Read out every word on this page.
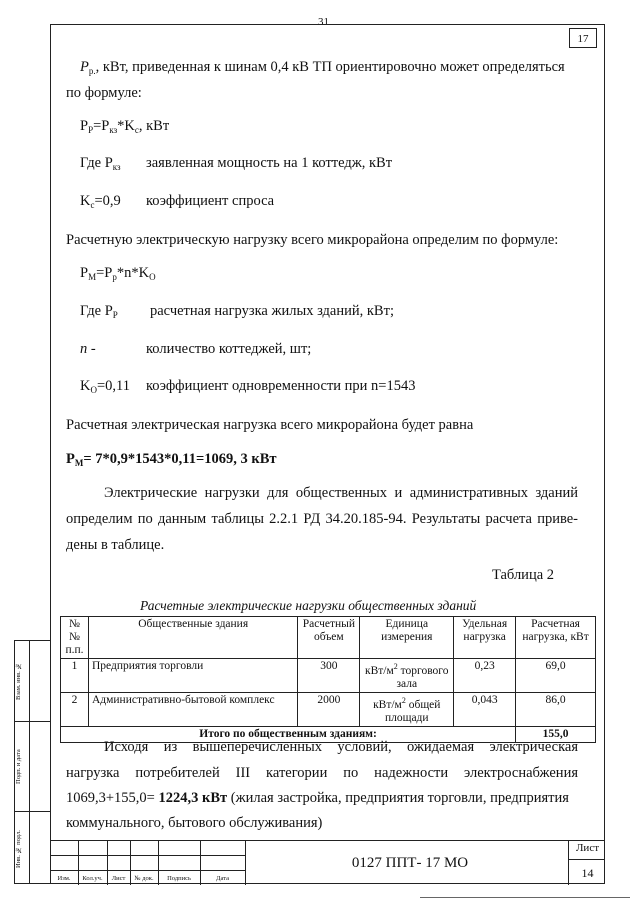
31
17
Взам. инв. №
Подп. и дата
Инв. № подл.
$P_{р.}$, кВт, приведенная к шинам 0,4 кВ ТП ориентировочно может определяться
по формуле:
$P_Р=P_{кз}*K_с$, кВт
Где $P_{кз}$ заявленная мощность на 1 коттедж, кВт
$K_с=0,9$ коэффициент спроса
Расчетную электрическую нагрузку всего микрорайона определим по формуле:
$P_М=P_р*n*K_О$
Где $P_Р$ расчетная нагрузка жилых зданий, кВт;
n -	количество коттеджей, шт;
$K_О=0,11$ коэффициент одновременности при n=1543
Расчетная электрическая нагрузка всего микрорайона будет равна
$P_М= 7*0,9*1543*0,11=1069$, 3 кВт
Электрические нагрузки для общественных и административных зданий
определим по данным таблицы 2.2.1 РД 34.20.185-94. Результаты расчета приве-
дены в таблице.
Таблица 2
Расчетные электрические нагрузки общественных зданий
№№ п.п.	Общественные здания	Расчетный объем	Единица измерения	Удельная нагрузка	Расчетная нагрузка, кВт
1	Предприятия торговли	300	кВт/$м^2$ торгового зала	0,23	69,0
2	Административно-бытовой комплекс	2000	кВт/$м^2$ общей площади	0,043	86,0
Итого по общественным зданиям:					155,0
Исходя из вышеперечисленных условий, ожидаемая электрическая
нагрузка потребителей III категории по надежности электроснабжения
1069,3+155,0= 1224,3 кВт (жилая застройка, предприятия торговли, предприятия
коммунального, бытового обслуживания)
Изм.	Кол.уч.	Лист	№ док.	Подпись	Дата
0127 ППТ- 17 МО
Лист
14
